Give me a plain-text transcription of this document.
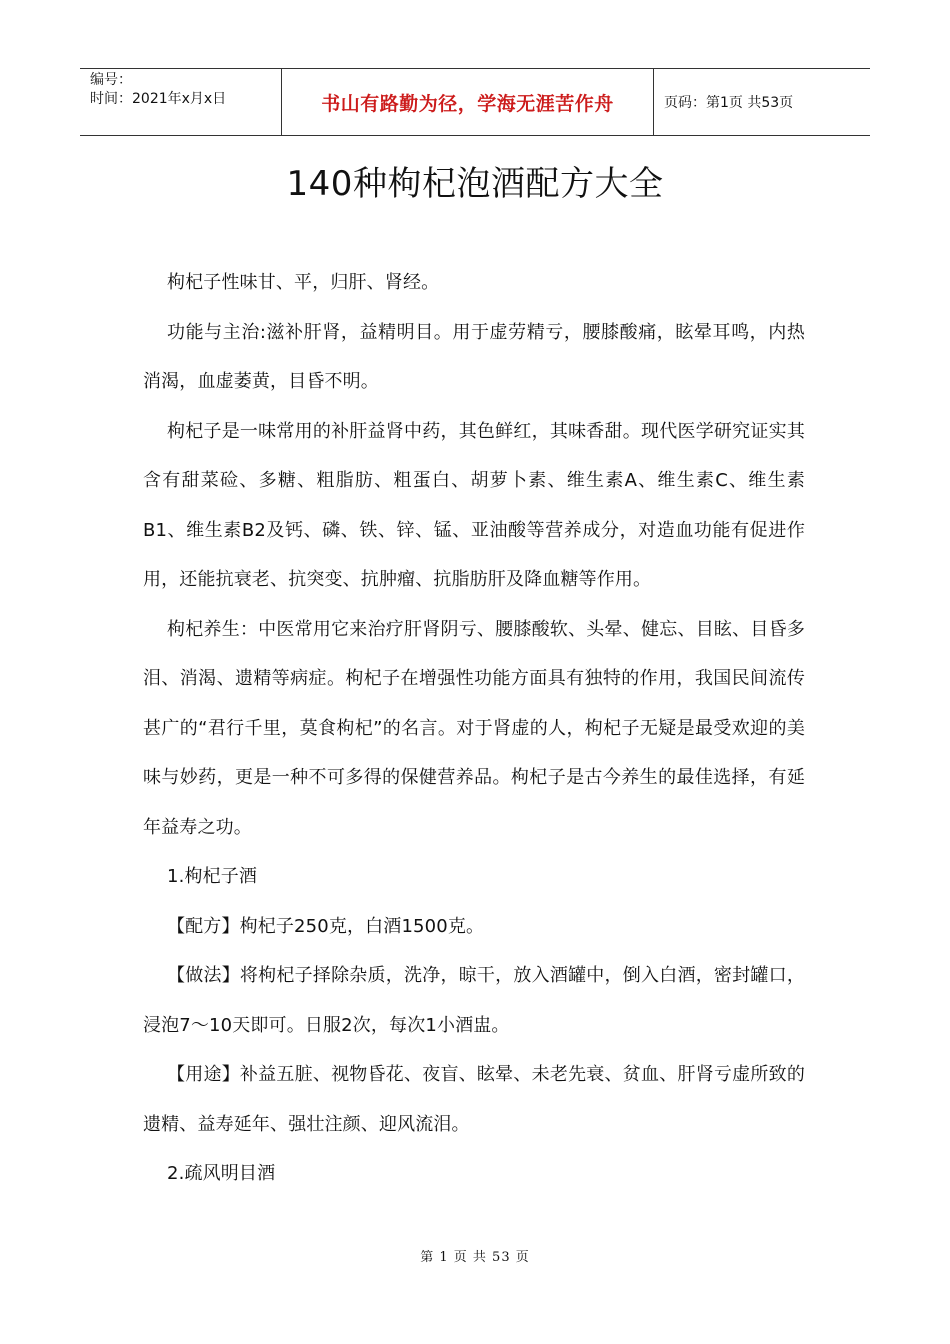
编号：
时间：2021年x月x日	书山有路勤为径，学海无涯苦作舟	页码：第1页 共53页
140种枸杞泡酒配方大全

枸杞子性味甘、平，归肝、肾经。

功能与主治:滋补肝肾，益精明目。用于虚劳精亏，腰膝酸痛，眩晕耳鸣，内热消渴，血虚萎黄，目昏不明。

枸杞子是一味常用的补肝益肾中药，其色鲜红，其味香甜。现代医学研究证实其含有甜菜硷、多糖、粗脂肪、粗蛋白、胡萝卜素、维生素A、维生素C、维生素B1、维生素B2及钙、磷、铁、锌、锰、亚油酸等营养成分，对造血功能有促进作用，还能抗衰老、抗突变、抗肿瘤、抗脂肪肝及降血糖等作用。

枸杞养生：中医常用它来治疗肝肾阴亏、腰膝酸软、头晕、健忘、目眩、目昏多泪、消渴、遗精等病症。枸杞子在增强性功能方面具有独特的作用，我国民间流传甚广的“君行千里，莫食枸杞”的名言。对于肾虚的人，枸杞子无疑是最受欢迎的美味与妙药，更是一种不可多得的保健营养品。枸杞子是古今养生的最佳选择，有延年益寿之功。

1.枸杞子酒

【配方】枸杞子250克，白酒1500克。

【做法】将枸杞子择除杂质，洗净，晾干，放入酒罐中，倒入白酒，密封罐口，浸泡7～10天即可。日服2次，每次1小酒盅。

【用途】补益五脏、视物昏花、夜盲、眩晕、未老先衰、贫血、肝肾亏虚所致的遗精、益寿延年、强壮注颜、迎风流泪。

2.疏风明目酒

第 1 页 共 53 页
